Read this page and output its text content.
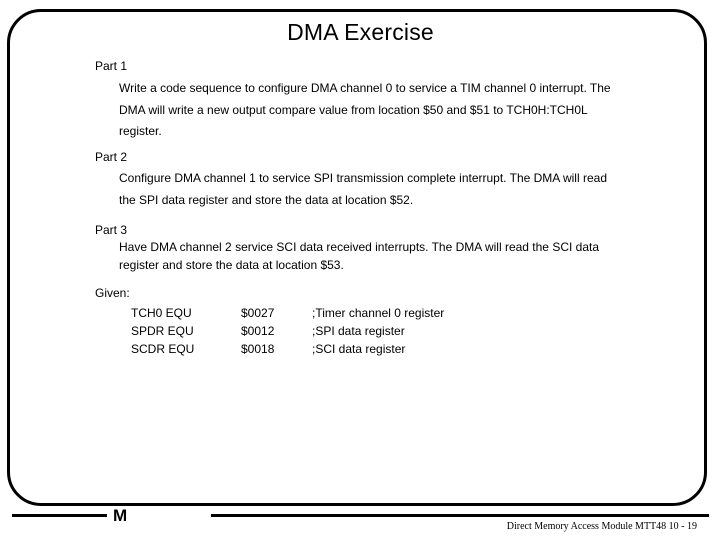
DMA Exercise
Part 1
Write a code sequence to configure DMA channel 0 to service a TIM channel 0 interrupt. The
DMA will write a new output compare value from location $50 and $51 to TCH0H:TCH0L
register.
Part 2
Configure DMA channel 1 to service SPI transmission complete interrupt. The DMA will read
the SPI data register and store the data at location $52.
Part 3
Have DMA channel 2 service SCI data received interrupts. The DMA will read the SCI data
register and store the data at location $53.
Given:
TCH0 EQU	$0027	;Timer channel 0 register
SPDR EQU	$0012	;SPI data register
SCDR EQU	$0018	;SCI data register
M
Direct Memory Access Module MTT48 10 - 19
